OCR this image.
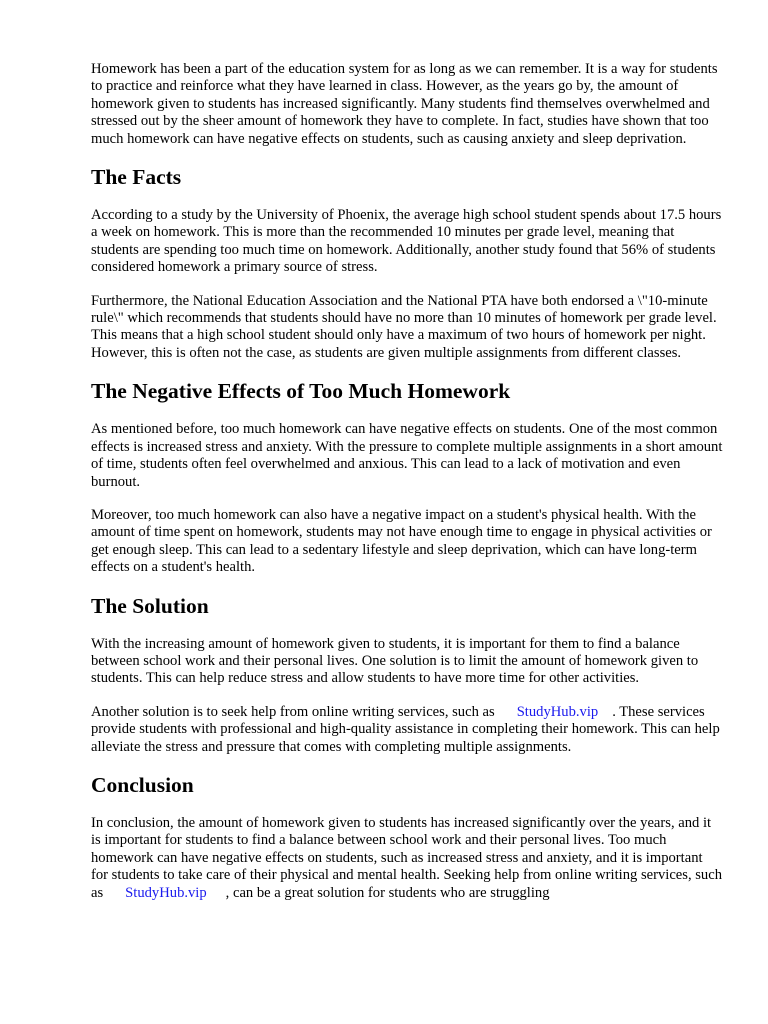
Homework has been a part of the education system for as long as we can remember. It is a way for students to practice and reinforce what they have learned in class. However, as the years go by, the amount of homework given to students has increased significantly. Many students find themselves overwhelmed and stressed out by the sheer amount of homework they have to complete. In fact, studies have shown that too much homework can have negative effects on students, such as causing anxiety and sleep deprivation.

The Facts

According to a study by the University of Phoenix, the average high school student spends about 17.5 hours a week on homework. This is more than the recommended 10 minutes per grade level, meaning that students are spending too much time on homework. Additionally, another study found that 56% of students considered homework a primary source of stress.

Furthermore, the National Education Association and the National PTA have both endorsed a \"10-minute rule\" which recommends that students should have no more than 10 minutes of homework per grade level. This means that a high school student should only have a maximum of two hours of homework per night. However, this is often not the case, as students are given multiple assignments from different classes.

The Negative Effects of Too Much Homework

As mentioned before, too much homework can have negative effects on students. One of the most common effects is increased stress and anxiety. With the pressure to complete multiple assignments in a short amount of time, students often feel overwhelmed and anxious. This can lead to a lack of motivation and even burnout.

Moreover, too much homework can also have a negative impact on a student's physical health. With the amount of time spent on homework, students may not have enough time to engage in physical activities or get enough sleep. This can lead to a sedentary lifestyle and sleep deprivation, which can have long-term effects on a student's health.

The Solution

With the increasing amount of homework given to students, it is important for them to find a balance between school work and their personal lives. One solution is to limit the amount of homework given to students. This can help reduce stress and allow students to have more time for other activities.

Another solution is to seek help from online writing services, such as StudyHub.vip . These services provide students with professional and high-quality assistance in completing their homework. This can help alleviate the stress and pressure that comes with completing multiple assignments.

Conclusion

In conclusion, the amount of homework given to students has increased significantly over the years, and it is important for students to find a balance between school work and their personal lives. Too much homework can have negative effects on students, such as increased stress and anxiety, and it is important for students to take care of their physical and mental health. Seeking help from online writing services, such as StudyHub.vip , can be a great solution for students who are struggling
